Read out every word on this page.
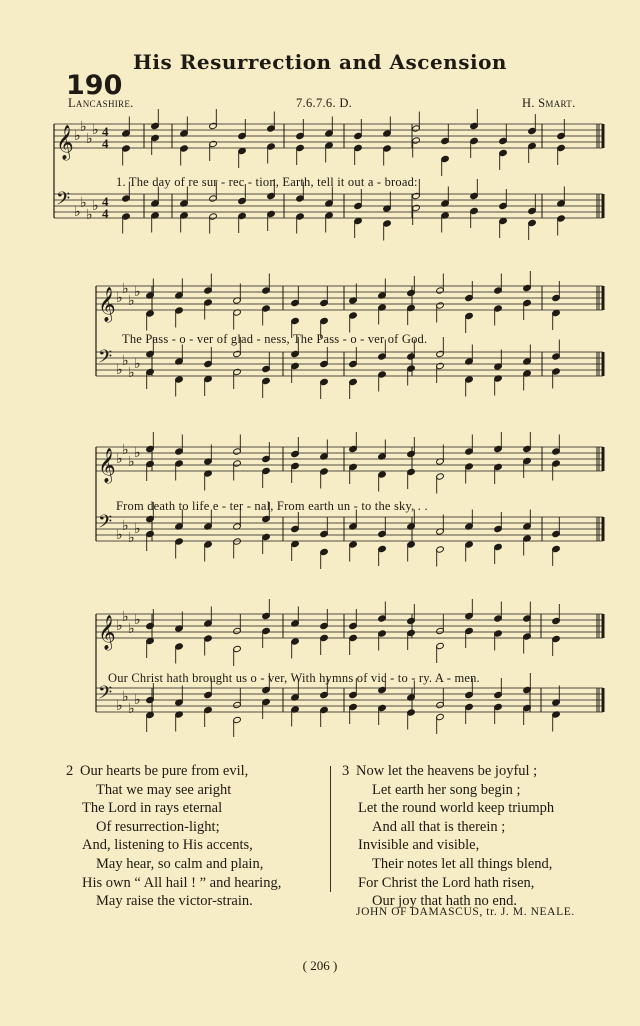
His Resurrection and Ascension
190
Lancashire.	7.6.7.6. D.	H. Smart.
𝄞 ♭
♭
♭
♭ 4
4
𝄢 ♭
♭
♭
♭ 4
4
𝄞 ♭
♭
♭
♭
𝄢 ♭
♭
♭
♭
𝄞 ♭
♭
♭
♭
𝄢 ♭
♭
♭
♭
𝄞 ♭
♭
♭
♭
𝄢 ♭
♭
♭
♭
1. The day of re sur - rec - tion, Earth, tell it out a - broad:
The Pass - o - ver of glad - ness, The Pass - o - ver of God.
From death to life e - ter - nal, From earth un - to the sky, . .
Our Christ hath brought us o - ver, With hymns of vic - to - ry. A - men.
2 Our hearts be pure from evil,
That we may see aright
The Lord in rays eternal
Of resurrection-light;
And, listening to His accents,
May hear, so calm and plain,
His own “ All hail ! ” and hearing,
May raise the victor-strain.
3 Now let the heavens be joyful ;
Let earth her song begin ;
Let the round world keep triumph
And all that is therein ;
Invisible and visible,
Their notes let all things blend,
For Christ the Lord hath risen,
Our joy that hath no end.
JOHN OF DAMASCUS, tr. J. M. NEALE.
( 206 )
